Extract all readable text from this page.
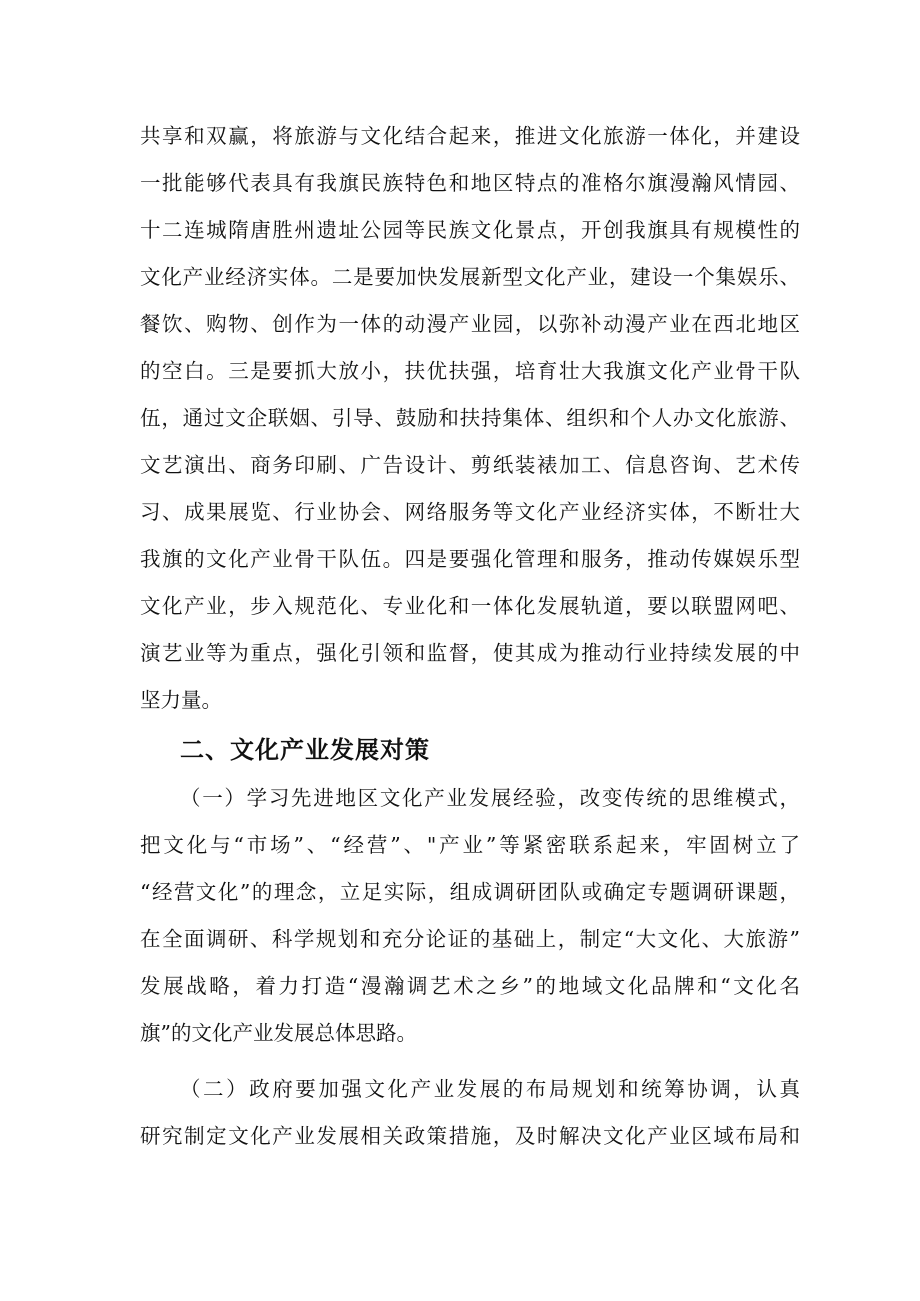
共享和双赢，将旅游与文化结合起来，推进文化旅游一体化，并建设
一批能够代表具有我旗民族特色和地区特点的准格尔旗漫瀚风情园、
十二连城隋唐胜州遗址公园等民族文化景点，开创我旗具有规模性的
文化产业经济实体。二是要加快发展新型文化产业，建设一个集娱乐、
餐饮、购物、创作为一体的动漫产业园，以弥补动漫产业在西北地区
的空白。三是要抓大放小，扶优扶强，培育壮大我旗文化产业骨干队
伍，通过文企联姻、引导、鼓励和扶持集体、组织和个人办文化旅游、
文艺演出、商务印刷、广告设计、剪纸装裱加工、信息咨询、艺术传
习、成果展览、行业协会、网络服务等文化产业经济实体，不断壮大
我旗的文化产业骨干队伍。四是要强化管理和服务，推动传媒娱乐型
文化产业，步入规范化、专业化和一体化发展轨道，要以联盟网吧、
演艺业等为重点，强化引领和监督，使其成为推动行业持续发展的中
坚力量。
二、文化产业发展对策
（一）学习先进地区文化产业发展经验，改变传统的思维模式，
把文化与“市场”、“经营”、"产业”等紧密联系起来，牢固树立了
“经营文化”的理念，立足实际，组成调研团队或确定专题调研课题，
在全面调研、科学规划和充分论证的基础上，制定“大文化、大旅游”
发展战略，着力打造“漫瀚调艺术之乡”的地域文化品牌和“文化名
旗”的文化产业发展总体思路。
（二）政府要加强文化产业发展的布局规划和统筹协调，认真
研究制定文化产业发展相关政策措施，及时解决文化产业区域布局和
